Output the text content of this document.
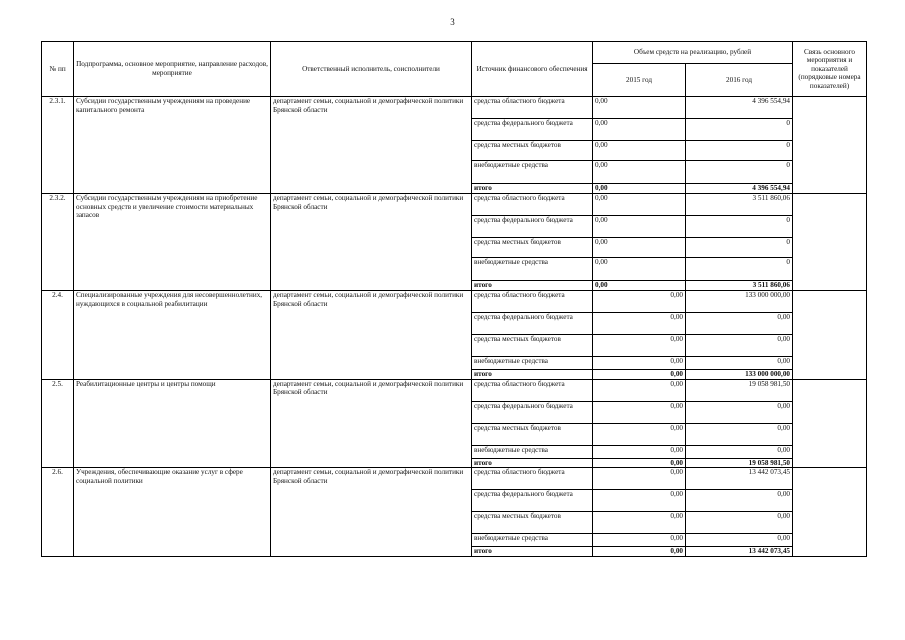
3
№ пп	Подпрограмма, основное мероприятие, направление расходов, мероприятие	Ответственный исполнитель, соисполнители	Источник финансового обеспечения	Объем средств на реализацию, рублей		Связь основного мероприятия и показателей (порядковые номера показателей)
				2015 год	2016 год	
2.3.1.	Субсидии государственным учреждениям на проведение капитального ремонта	департамент семьи, социальной и демографической политики Брянской области	средства областного бюджета	0,00	4 396 554,94	
			средства федерального бюджета	0,00	0	
			средства местных бюджетов	0,00	0	
			внебюджетные средства	0,00	0	
			итого	0,00	4 396 554,94	
2.3.2.	Субсидии государственным учреждениям на приобретение основных средств и увеличение стоимости материальных запасов	департамент семьи, социальной и демографической политики Брянской области	средства областного бюджета	0,00	3 511 860,06	
			средства федерального бюджета	0,00	0	
			средства местных бюджетов	0,00	0	
			внебюджетные средства	0,00	0	
			итого	0,00	3 511 860,06	
2.4.	Специализированные учреждения для несовершеннолетних, нуждающихся в социальной реабилитации	департамент семьи, социальной и демографической политики Брянской области	средства областного бюджета	0,00	133 000 000,00	
			средства федерального бюджета	0,00	0,00	
			средства местных бюджетов	0,00	0,00	
			внебюджетные средства	0,00	0,00	
			итого	0,00	133 000 000,00	
2.5.	Реабилитационные центры и центры помощи	департамент семьи, социальной и демографической политики Брянской области	средства областного бюджета	0,00	19 058 981,50	
			средства федерального бюджета	0,00	0,00	
			средства местных бюджетов	0,00	0,00	
			внебюджетные средства	0,00	0,00	
			итого	0,00	19 058 981,50	
2.6.	Учреждения, обеспечивающие оказание услуг в сфере социальной политики	департамент семьи, социальной и демографической политики Брянской области	средства областного бюджета	0,00	13 442 073,45	
			средства федерального бюджета	0,00	0,00	
			средства местных бюджетов	0,00	0,00	
			внебюджетные средства	0,00	0,00	
			итого	0,00	13 442 073,45	
